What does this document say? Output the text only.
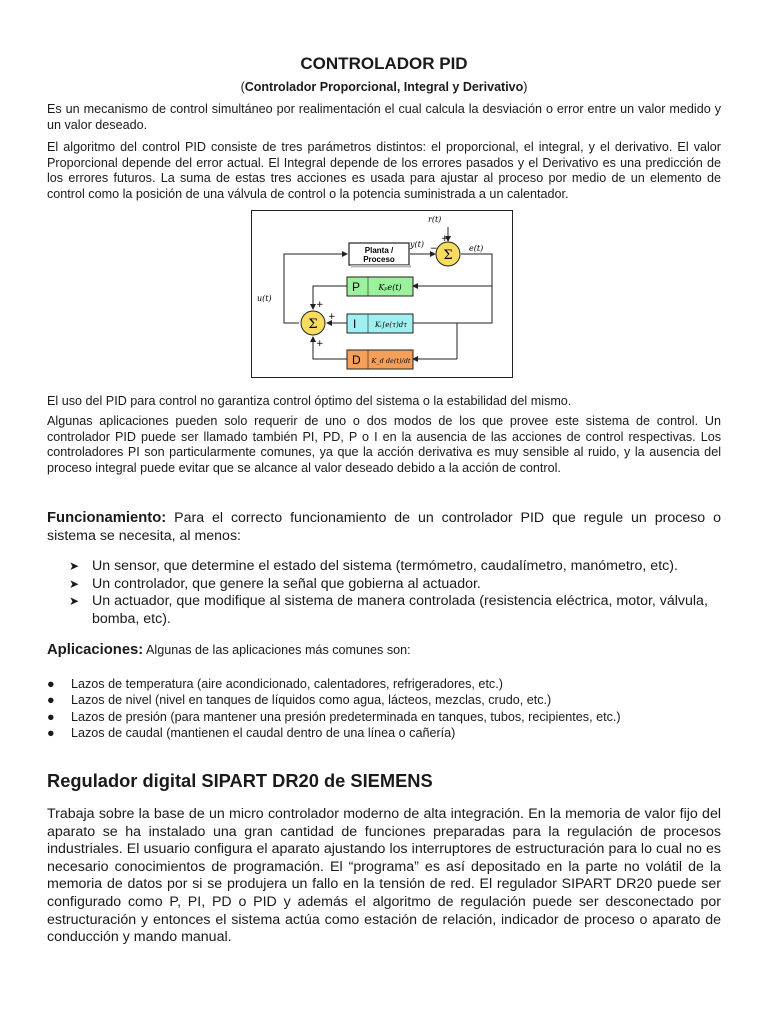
CONTROLADOR PID

(Controlador Proporcional, Integral y Derivativo)

Es un mecanismo de control simultáneo por realimentación el cual calcula la desviación o error entre un valor medido y un valor deseado.

El algoritmo del control PID consiste de tres parámetros distintos: el proporcional, el integral, y el derivativo. El valor Proporcional depende del error actual. El Integral depende de los errores pasados y el Derivativo es una predicción de los errores futuros. La suma de estas tres acciones es usada para ajustar al proceso por medio de un elemento de control como la posición de una válvula de control o la potencia suministrada a un calentador.

Planta /
Proceso	Σ
+
−
Σ
+
+
+
P Kₚe(t)
I	Kᵢ∫e(τ)dτ
D K_d de(t)/dt
r(t)
y(t)	e(t)
u(t)

El uso del PID para control no garantiza control óptimo del sistema o la estabilidad del mismo.

Algunas aplicaciones pueden solo requerir de uno o dos modos de los que provee este sistema de control. Un controlador PID puede ser llamado también PI, PD, P o I en la ausencia de las acciones de control respectivas. Los controladores PI son particularmente comunes, ya que la acción derivativa es muy sensible al ruido, y la ausencia del proceso integral puede evitar que se alcance al valor deseado debido a la acción de control.

Funcionamiento: Para el correcto funcionamiento de un controlador PID que regule un proceso o sistema se necesita, al menos:

➤ Un sensor, que determine el estado del sistema (termómetro, caudalímetro, manómetro, etc).
➤ Un controlador, que genere la señal que gobierna al actuador.
➤ Un actuador, que modifique al sistema de manera controlada (resistencia eléctrica, motor, válvula, bomba, etc).

Aplicaciones: Algunas de las aplicaciones más comunes son:

● Lazos de temperatura (aire acondicionado, calentadores, refrigeradores, etc.)
● Lazos de nivel (nivel en tanques de líquidos como agua, lácteos, mezclas, crudo, etc.)
● Lazos de presión (para mantener una presión predeterminada en tanques, tubos, recipientes, etc.)
● Lazos de caudal (mantienen el caudal dentro de una línea o cañería)
Regulador digital SIPART DR20 de SIEMENS

Trabaja sobre la base de un micro controlador moderno de alta integración. En la memoria de valor fijo del aparato se ha instalado una gran cantidad de funciones preparadas para la regulación de procesos industriales. El usuario configura el aparato ajustando los interruptores de estructuración para lo cual no es necesario conocimientos de programación. El “programa” es así depositado en la parte no volátil de la memoria de datos por si se produjera un fallo en la tensión de red. El regulador SIPART DR20 puede ser configurado como P, PI, PD o PID y además el algoritmo de regulación puede ser desconectado por estructuración y entonces el sistema actúa como estación de relación, indicador de proceso o aparato de conducción y mando manual.
